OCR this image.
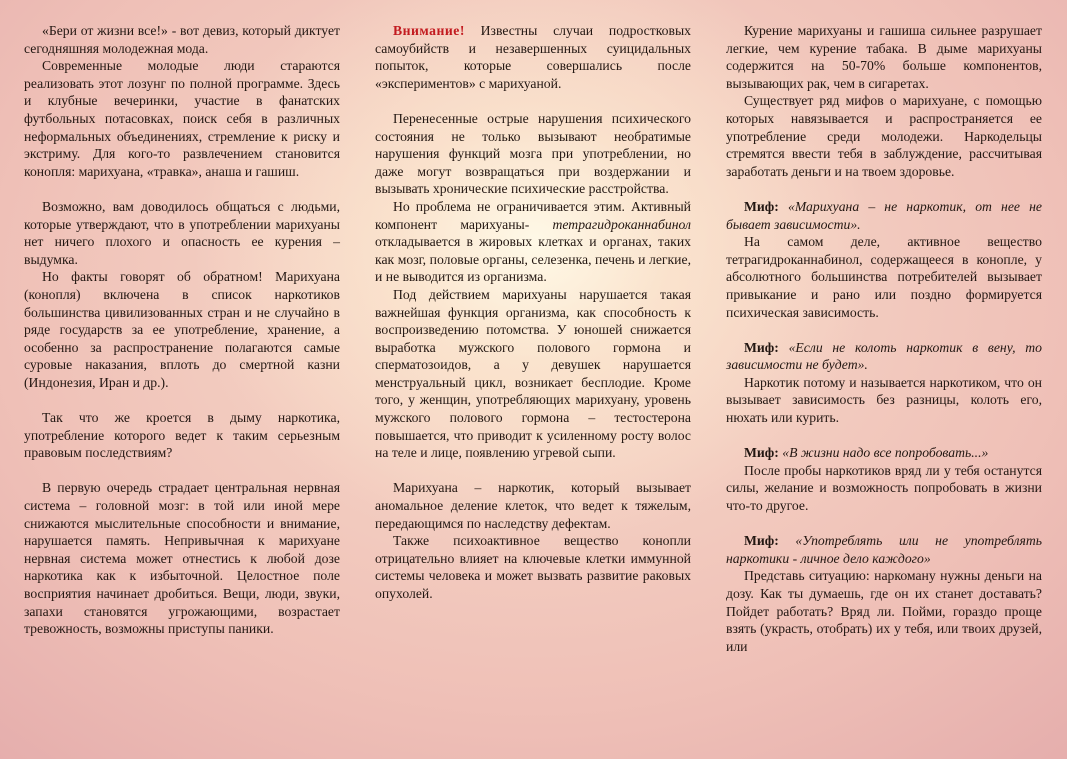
«Бери от жизни все!» - вот девиз, который диктует сегодняшняя молодежная мода.

Современные молодые люди стараются реализовать этот лозунг по полной программе. Здесь и клубные вечеринки, участие в фанатских футбольных потасовках, поиск себя в различных неформальных объединениях, стремление к риску и экстриму. Для кого-то развлечением становится конопля: марихуана, «травка», анаша и гашиш.

Возможно, вам доводилось общаться с людьми, которые утверждают, что в употреблении марихуаны нет ничего плохого и опасность ее курения – выдумка.

Но факты говорят об обратном! Марихуана (конопля) включена в список наркотиков большинства цивилизованных стран и не случайно в ряде государств за ее употребление, хранение, а особенно за распространение полагаются самые суровые наказания, вплоть до смертной казни (Индонезия, Иран и др.).

Так что же кроется в дыму наркотика, употребление которого ведет к таким серьезным правовым последствиям?

В первую очередь страдает центральная нервная система – головной мозг: в той или иной мере снижаются мыслительные способности и внимание, нарушается память. Непривычная к марихуане нервная система может отнестись к любой дозе наркотика как к избыточной. Целостное поле восприятия начинает дробиться. Вещи, люди, звуки, запахи становятся угрожающими, возрастает тревожность, возможны приступы паники.

Внимание! Известны случаи подростковых самоубийств и незавершенных суицидальных попыток, которые совершались после «экспериментов» с марихуаной.

Перенесенные острые нарушения психического состояния не только вызывают необратимые нарушения функций мозга при употреблении, но даже могут возвращаться при воздержании и вызывать хронические психические расстройства.

Но проблема не ограничивается этим. Активный компонент марихуаны- тетрагидроканнабинол откладывается в жировых клетках и органах, таких как мозг, половые органы, селезенка, печень и легкие, и не выводится из организма.

Под действием марихуаны нарушается такая важнейшая функция организма, как способность к воспроизведению потомства. У юношей снижается выработка мужского полового гормона и сперматозоидов, а у девушек нарушается менструальный цикл, возникает бесплодие. Кроме того, у женщин, употребляющих марихуану, уровень мужского полового гормона – тестостерона повышается, что приводит к усиленному росту волос на теле и лице, появлению угревой сыпи.

Марихуана – наркотик, который вызывает аномальное деление клеток, что ведет к тяжелым, передающимся по наследству дефектам.

Также психоактивное вещество конопли отрицательно влияет на ключевые клетки иммунной системы человека и может вызвать развитие раковых опухолей.

Курение марихуаны и гашиша сильнее разрушает легкие, чем курение табака. В дыме марихуаны содержится на 50-70% больше компонентов, вызывающих рак, чем в сигаретах.

Существует ряд мифов о марихуане, с помощью которых навязывается и распространяется ее употребление среди молодежи. Наркодельцы стремятся ввести тебя в заблуждение, рассчитывая заработать деньги и на твоем здоровье.

Миф: «Марихуана – не наркотик, от нее не бывает зависимости».

На самом деле, активное вещество тетрагидроканнабинол, содержащееся в конопле, у абсолютного большинства потребителей вызывает привыкание и рано или поздно формируется психическая зависимость.

Миф: «Если не колоть наркотик в вену, то зависимости не будет».

Наркотик потому и называется наркотиком, что он вызывает зависимость без разницы, колоть его, нюхать или курить.

Миф: «В жизни надо все попробовать...»

После пробы наркотиков вряд ли у тебя останутся силы, желание и возможность попробовать в жизни что-то другое.

Миф: «Употреблять или не употреблять наркотики - личное дело каждого»

Представь ситуацию: наркоману нужны деньги на дозу. Как ты думаешь, где он их станет доставать? Пойдет работать? Вряд ли. Пойми, гораздо проще взять (украсть, отобрать) их у тебя, или твоих друзей, или
